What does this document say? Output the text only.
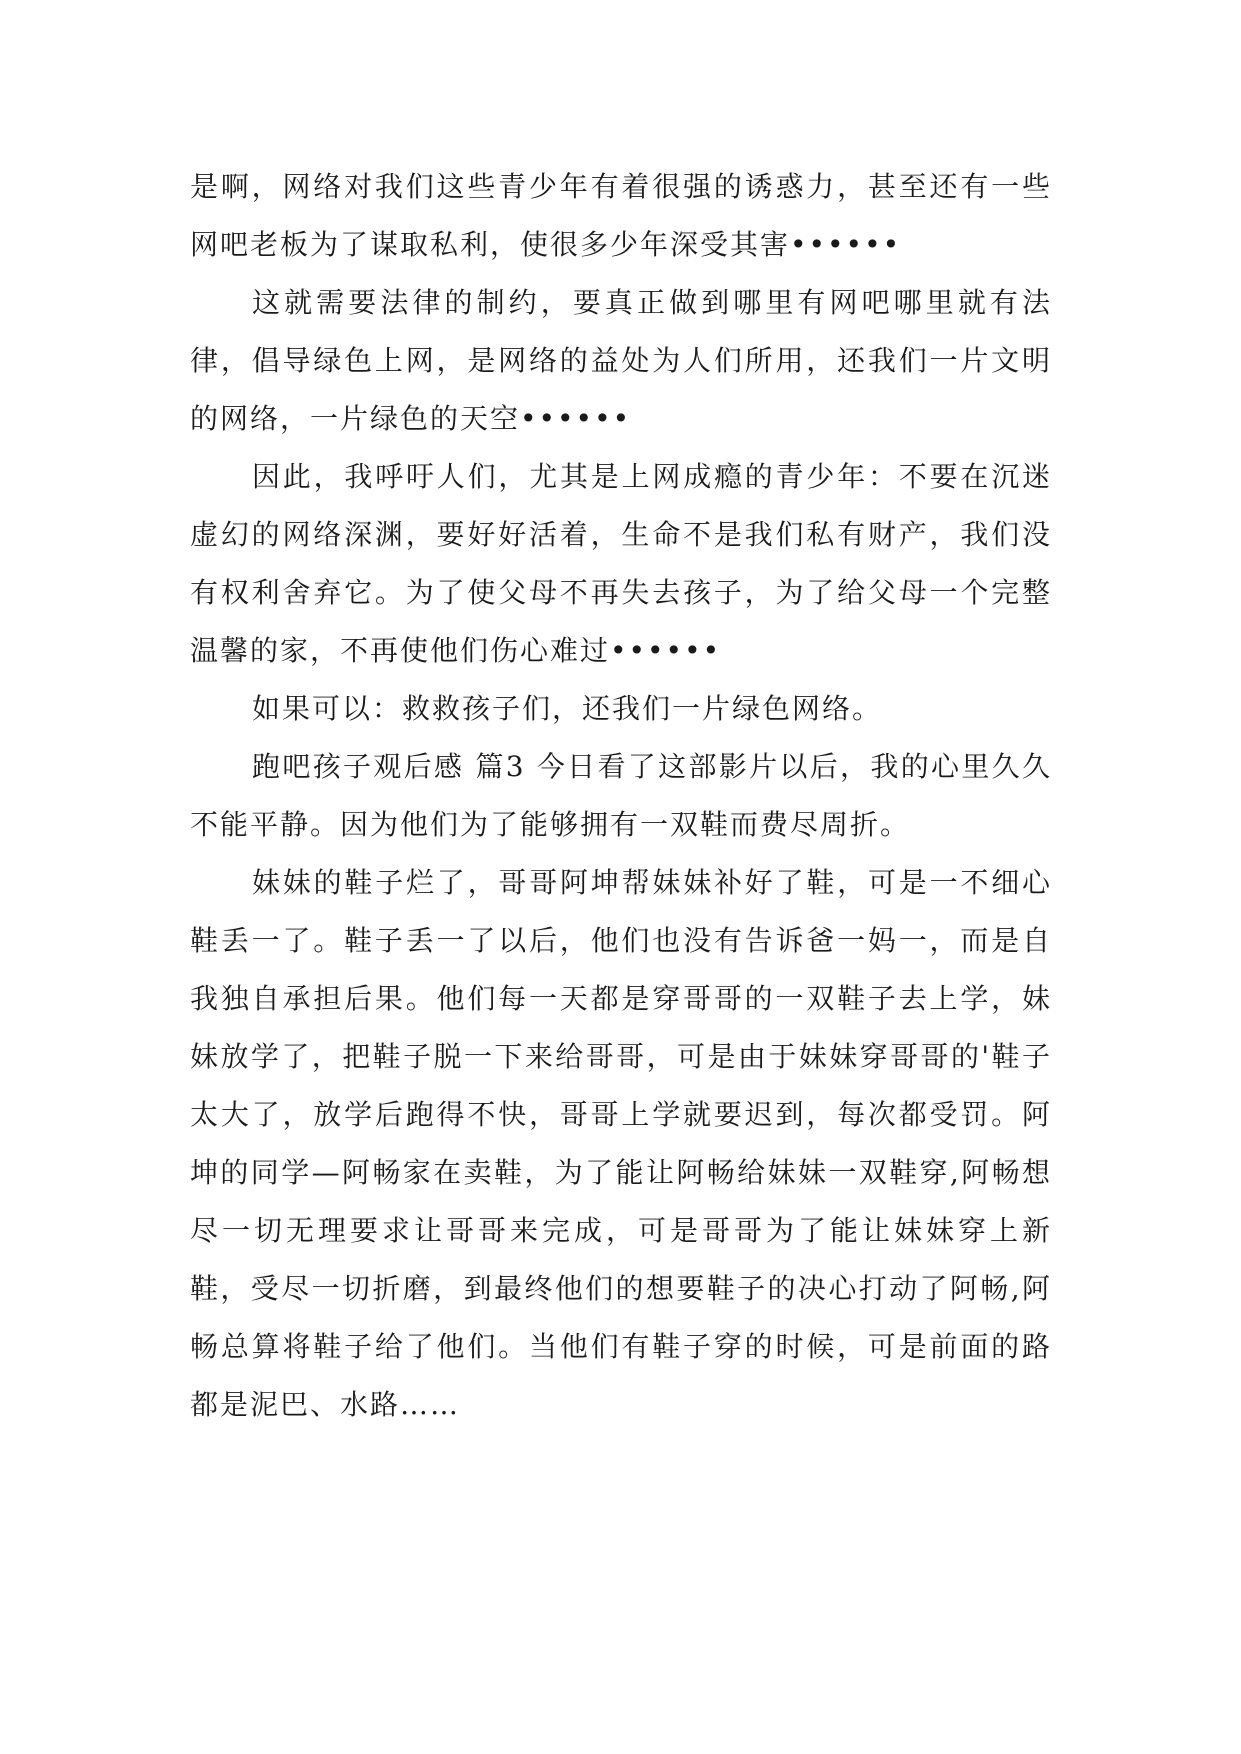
是啊，网络对我们这些青少年有着很强的诱惑力，甚至还有一些网吧老板为了谋取私利，使很多少年深受其害••••••

这就需要法律的制约，要真正做到哪里有网吧哪里就有法律，倡导绿色上网，是网络的益处为人们所用，还我们一片文明的网络，一片绿色的天空••••••

因此，我呼吁人们，尤其是上网成瘾的青少年：不要在沉迷虚幻的网络深渊，要好好活着，生命不是我们私有财产，我们没有权利舍弃它。为了使父母不再失去孩子，为了给父母一个完整温馨的家，不再使他们伤心难过••••••

如果可以：救救孩子们，还我们一片绿色网络。

跑吧孩子观后感 篇3 今日看了这部影片以后，我的心里久久不能平静。因为他们为了能够拥有一双鞋而费尽周折。

妹妹的鞋子烂了，哥哥阿坤帮妹妹补好了鞋，可是一不细心鞋丢一了。鞋子丢一了以后，他们也没有告诉爸一妈一，而是自我独自承担后果。他们每一天都是穿哥哥的一双鞋子去上学，妹妹放学了，把鞋子脱一下来给哥哥，可是由于妹妹穿哥哥的'鞋子太大了，放学后跑得不快，哥哥上学就要迟到，每次都受罚。阿坤的同学—阿畅家在卖鞋，为了能让阿畅给妹妹一双鞋穿,阿畅想尽一切无理要求让哥哥来完成，可是哥哥为了能让妹妹穿上新鞋，受尽一切折磨，到最终他们的想要鞋子的决心打动了阿畅,阿畅总算将鞋子给了他们。当他们有鞋子穿的时候，可是前面的路都是泥巴、水路……
